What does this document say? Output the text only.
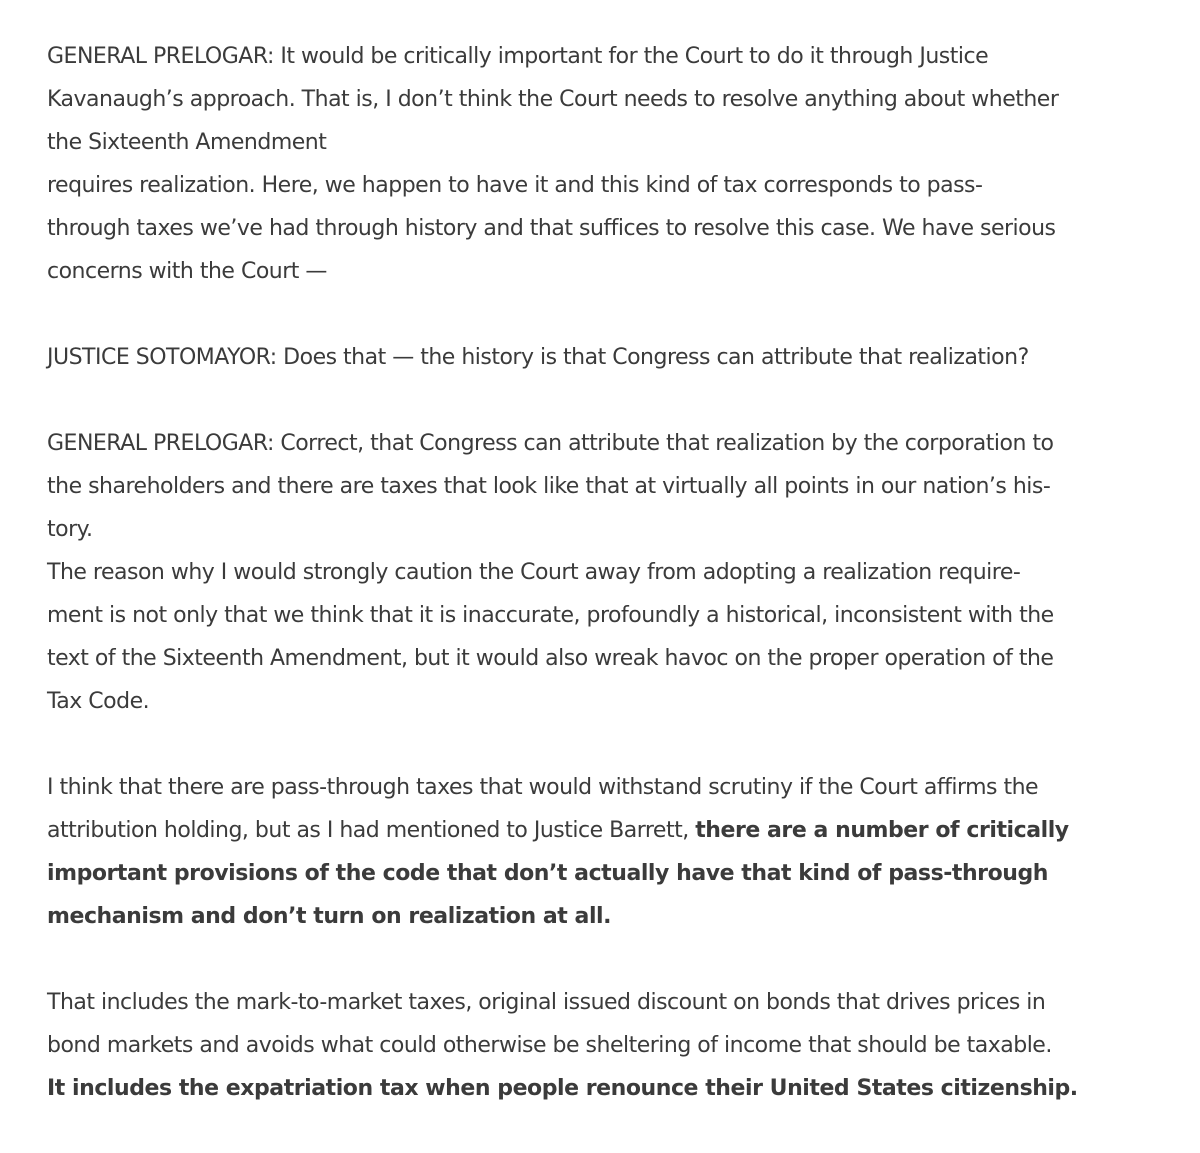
GENERAL PRELOGAR: It would be critically important for the Court to do it through Justice
Kavanaugh’s approach. That is, I don’t think the Court needs to resolve anything about whether
the Sixteenth Amendment
requires realization. Here, we happen to have it and this kind of tax corresponds to pass-
through taxes we’ve had through history and that suffices to resolve this case. We have serious
concerns with the Court —

JUSTICE SOTOMAYOR: Does that — the history is that Congress can attribute that realization?

GENERAL PRELOGAR: Correct, that Congress can attribute that realization by the corporation to
the shareholders and there are taxes that look like that at virtually all points in our nation’s his-
tory.
The reason why I would strongly caution the Court away from adopting a realization require-
ment is not only that we think that it is inaccurate, profoundly a historical, inconsistent with the
text of the Sixteenth Amendment, but it would also wreak havoc on the proper operation of the
Tax Code.

I think that there are pass-through taxes that would withstand scrutiny if the Court affirms the
attribution holding, but as I had mentioned to Justice Barrett, there are a number of critically
important provisions of the code that don’t actually have that kind of pass-through
mechanism and don’t turn on realization at all.

That includes the mark-to-market taxes, original issued discount on bonds that drives prices in
bond markets and avoids what could otherwise be sheltering of income that should be taxable.
It includes the expatriation tax when people renounce their United States citizenship.
